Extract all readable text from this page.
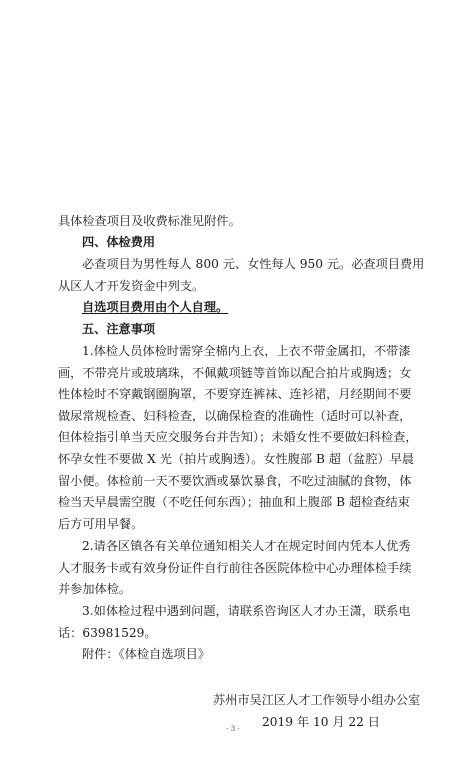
具体检查项目及收费标准见附件。
四、体检费用
必查项目为男性每人 800 元、女性每人 950 元。必查项目费用
从区人才开发资金中列支。
自选项目费用由个人自理。
五、注意事项
1.体检人员体检时需穿全棉内上衣，上衣不带金属扣，不带漆
画，不带亮片或玻璃珠，不佩戴项链等首饰以配合拍片或胸透；女
性体检时不穿戴钢圈胸罩，不要穿连裤袜、连衫裙，月经期间不要
做尿常规检查、妇科检查，以确保检查的准确性（适时可以补查，
但体检指引单当天应交服务台并告知）；未婚女性不要做妇科检查，
怀孕女性不要做 X 光（拍片或胸透）。女性腹部 B 超（盆腔）早晨
留小便。体检前一天不要饮酒或暴饮暴食，不吃过油腻的食物，体
检当天早晨需空腹（不吃任何东西）；抽血和上腹部 B 超检查结束
后方可用早餐。
2.请各区镇各有关单位通知相关人才在规定时间内凭本人优秀
人才服务卡或有效身份证件自行前往各医院体检中心办理体检手续
并参加体检。
3.如体检过程中遇到问题，请联系咨询区人才办王潇，联系电
话：63981529。
附件：《体检自选项目》
苏州市吴江区人才工作领导小组办公室
2019 年 10 月 22 日
- 3 -
